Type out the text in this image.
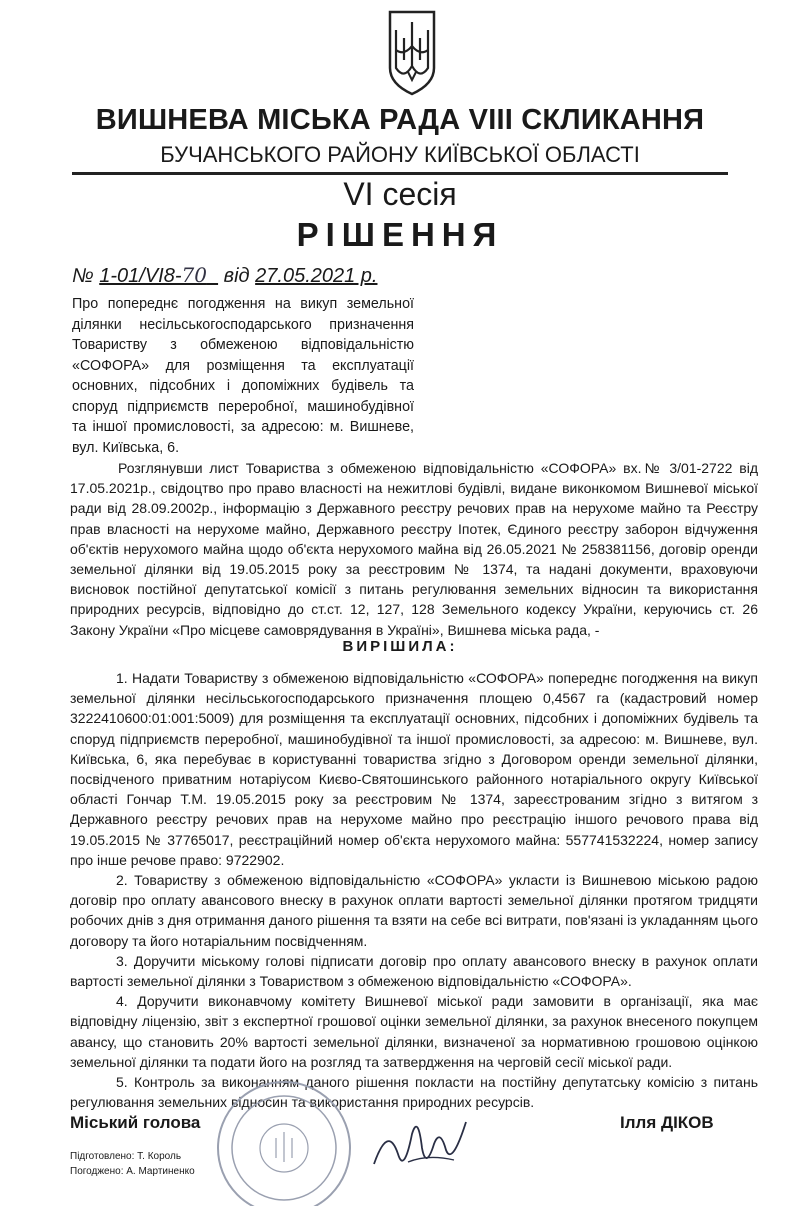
ВИШНЕВА МІСЬКА РАДА VIII СКЛИКАННЯ
БУЧАНСЬКОГО РАЙОНУ КИЇВСЬКОЇ ОБЛАСТІ
VI сесія
РІШЕННЯ
№ 1-01/VI8-70 від 27.05.2021 р.
Про попереднє погодження на викуп земельної ділянки несільськогосподарського призначення Товариству з обмеженою відповідальністю «СОФОРА» для розміщення та експлуатації основних, підсобних і допоміжних будівель та споруд підприємств переробної, машинобудівної та іншої промисловості, за адресою: м. Вишневе, вул. Київська, 6.

Розглянувши лист Товариства з обмеженою відповідальністю «СОФОРА» вх.№ 3/01-2722 від 17.05.2021р., свідоцтво про право власності на нежитлові будівлі, видане виконкомом Вишневої міської ради від 28.09.2002р., інформацію з Державного реєстру речових прав на нерухоме майно та Реєстру прав власності на нерухоме майно, Державного реєстру Іпотек, Єдиного реєстру заборон відчуження об'єктів нерухомого майна щодо об'єкта нерухомого майна від 26.05.2021 № 258381156, договір оренди земельної ділянки від 19.05.2015 року за реєстровим № 1374, та надані документи, враховуючи висновок постійної депутатської комісії з питань регулювання земельних відносин та використання природних ресурсів, відповідно до ст.ст. 12, 127, 128 Земельного кодексу України, керуючись ст. 26 Закону України «Про місцеве самоврядування в Україні», Вишнева міська рада, -

ВИРІШИЛА:

1. Надати Товариству з обмеженою відповідальністю «СОФОРА» попереднє погодження на викуп земельної ділянки несільськогосподарського призначення площею 0,4567 га (кадастровий номер 3222410600:01:001:5009) для розміщення та експлуатації основних, підсобних і допоміжних будівель та споруд підприємств переробної, машинобудівної та іншої промисловості, за адресою: м. Вишневе, вул. Київська, 6, яка перебуває в користуванні товариства згідно з Договором оренди земельної ділянки, посвідченого приватним нотаріусом Києво-Святошинського районного нотаріального округу Київської області Гончар Т.М. 19.05.2015 року за реєстровим № 1374, зареєстрованим згідно з витягом з Державного реєстру речових прав на нерухоме майно про реєстрацію іншого речового права від 19.05.2015 № 37765017, реєстраційний номер об'єкта нерухомого майна: 557741532224, номер запису про інше речове право: 9722902.

2. Товариству з обмеженою відповідальністю «СОФОРА» укласти із Вишневою міською радою договір про оплату авансового внеску в рахунок оплати вартості земельної ділянки протягом тридцяти робочих днів з дня отримання даного рішення та взяти на себе всі витрати, пов'язані із укладанням цього договору та його нотаріальним посвідченням.

3. Доручити міському голові підписати договір про оплату авансового внеску в рахунок оплати вартості земельної ділянки з Товариством з обмеженою відповідальністю «СОФОРА».

4. Доручити виконавчому комітету Вишневої міської ради замовити в організації, яка має відповідну ліцензію, звіт з експертної грошової оцінки земельної ділянки, за рахунок внесеного покупцем авансу, що становить 20% вартості земельної ділянки, визначеної за нормативною грошовою оцінкою земельної ділянки та подати його на розгляд та затвердження на черговій сесії міської ради.

5. Контроль за виконанням даного рішення покласти на постійну депутатську комісію з питань регулювання земельних відносин та використання природних ресурсів.

Міський голова	Ілля ДІКОВ
Підготовлено: Т. Король
Погоджено: А. Мартиненко
